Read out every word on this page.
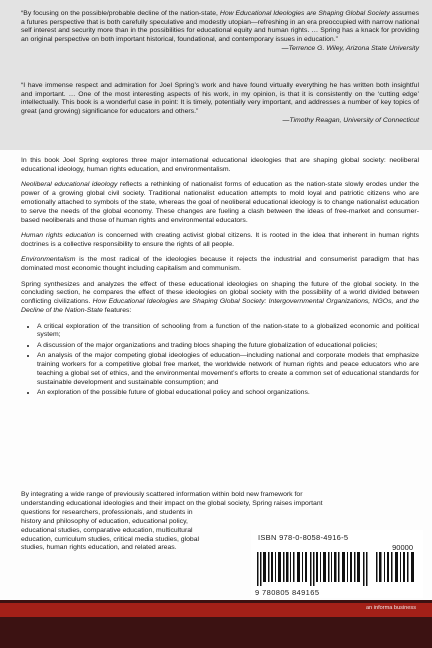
“By focusing on the possible/probable decline of the nation-state, How Educational Ideologies are Shaping Global Society assumes a futures perspective that is both carefully speculative and modestly utopian—refreshing in an era preoccupied with narrow national self interest and security more than in the possibilities for educational equity and human rights. … Spring has a knack for providing an original perspective on both important historical, foundational, and contemporary issues in education.”
—Terrence G. Wiley, Arizona State University
“I have immense respect and admiration for Joel Spring’s work and have found virtually everything he has written both insightful and important. … One of the most interesting aspects of his work, in my opinion, is that it is consistently on the ‘cutting edge’ intellectually. This book is a wonderful case in point: It is timely, potentially very important, and addresses a number of key topics of great (and growing) significance for educators and others.”
—Timothy Reagan, University of Connecticut

In this book Joel Spring explores three major international educational ideologies that are shaping global society: neoliberal educational ideology, human rights education, and environmentalism.

Neoliberal educational ideology reflects a rethinking of nationalist forms of education as the nation-state slowly erodes under the power of a growing global civil society. Traditional nationalist education attempts to mold loyal and patriotic citizens who are emotionally attached to symbols of the state, whereas the goal of neoliberal educational ideology is to change nationalist education to serve the needs of the global economy. These changes are fueling a clash between the ideas of free-market and consumer-based neoliberals and those of human rights and environmental educators.

Human rights education is concerned with creating activist global citizens. It is rooted in the idea that inherent in human rights doctrines is a collective responsibility to ensure the rights of all people.

Environmentalism is the most radical of the ideologies because it rejects the industrial and consumerist paradigm that has dominated most economic thought including capitalism and communism.

Spring synthesizes and analyzes the effect of these educational ideologies on shaping the future of the global society. In the concluding section, he compares the effect of these ideologies on global society with the possibility of a world divided between conflicting civilizations. How Educational Ideologies are Shaping Global Society: Intergovernmental Organizations, NGOs, and the Decline of the Nation-State features:

• A critical exploration of the transition of schooling from a function of the nation-state to a globalized economic and political system;
• A discussion of the major organizations and trading blocs shaping the future globalization of educational policies;
• An analysis of the major competing global ideologies of education—including national and corporate models that emphasize training workers for a competitive global free market, the worldwide network of human rights and peace educators who are teaching a global set of ethics, and the environmental movement’s efforts to create a common set of educational standards for sustainable development and sustainable consumption; and
• An exploration of the possible future of global educational policy and school organizations.

By integrating a wide range of previously scattered information within bold new framework for

understanding educational ideologies and their impact on the global society, Spring raises important

questions for researchers, professionals, and students in

history and philosophy of education, educational policy,

educational studies, comparative education, multicultural

education, curriculum studies, critical media studies, global

studies, human rights education, and related areas.

ISBN 978-0-8058-4916-5
90000
9 780805 849165
an informa business
